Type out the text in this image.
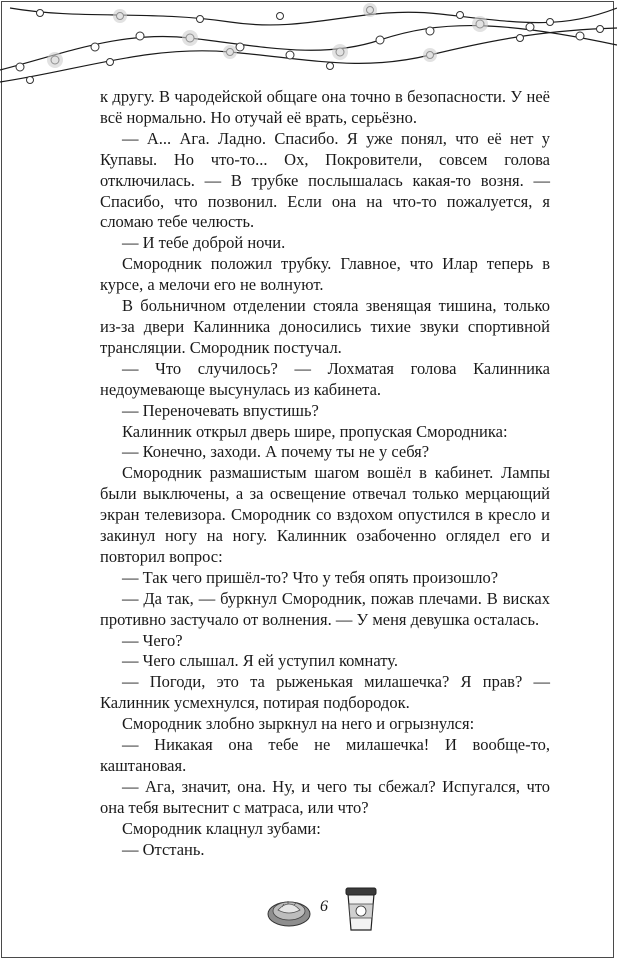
к другу. В чародейской общаге она точно в безопасности. У неё всё нормально. Но отучай её врать, серьёзно.

— А... Ага. Ладно. Спасибо. Я уже понял, что её нет у Купавы. Но что-то... Ох, Покровители, совсем голова отключилась. — В трубке послышалась какая-то возня. — Спасибо, что позвонил. Если она на что-то пожалуется, я сломаю тебе челюсть.

— И тебе доброй ночи.

Смородник положил трубку. Главное, что Илар теперь в курсе, а мелочи его не волнуют.

В больничном отделении стояла звенящая тишина, только из-за двери Калинника доносились тихие звуки спортивной трансляции. Смородник постучал.

— Что случилось? — Лохматая голова Калинника недоумевающе высунулась из кабинета.

— Переночевать впустишь?

Калинник открыл дверь шире, пропуская Смородника:

— Конечно, заходи. А почему ты не у себя?

Смородник размашистым шагом вошёл в кабинет. Лампы были выключены, а за освещение отвечал только мерцающий экран телевизора. Смородник со вздохом опустился в кресло и закинул ногу на ногу. Калинник озабоченно оглядел его и повторил вопрос:

— Так чего пришёл-то? Что у тебя опять произошло?

— Да так, — буркнул Смородник, пожав плечами. В висках противно застучало от волнения. — У меня девушка осталась.

— Чего?

— Чего слышал. Я ей уступил комнату.

— Погоди, это та рыженькая милашечка? Я прав? — Калинник усмехнулся, потирая подбородок.

Смородник злобно зыркнул на него и огрызнулся:

— Никакая она тебе не милашечка! И вообще-то, каштановая.

— Ага, значит, она. Ну, и чего ты сбежал? Испугался, что она тебя вытеснит с матраса, или что?

Смородник клацнул зубами:

— Отстань.

6
